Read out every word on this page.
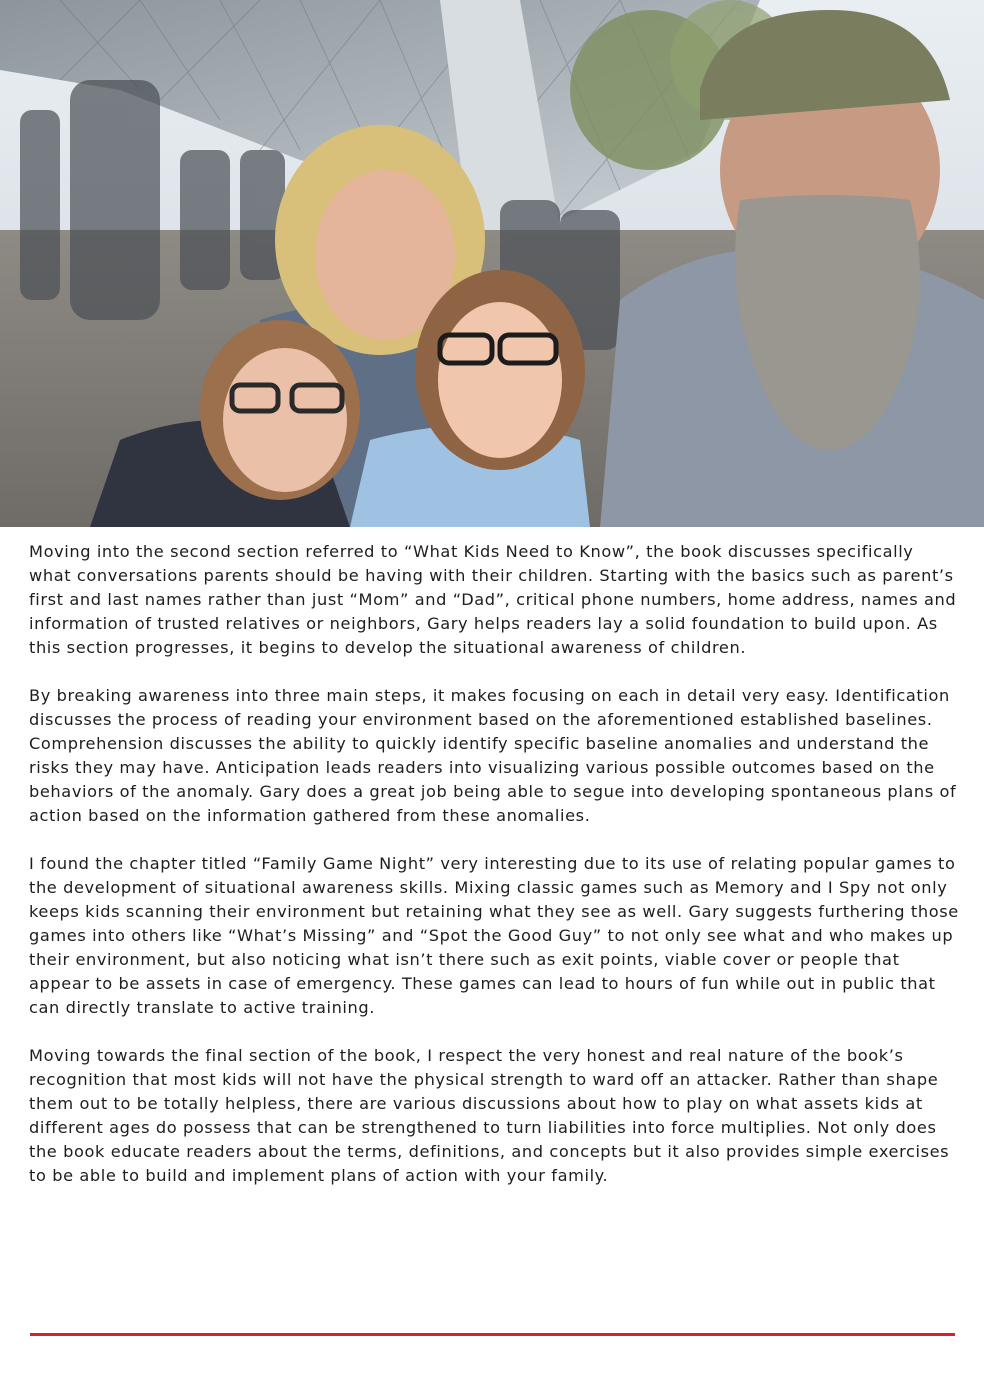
Moving into the second section referred to “What Kids Need to Know”, the book discusses specifically what conversations parents should be having with their children. Starting with the basics such as parent’s first and last names rather than just “Mom” and “Dad”, critical phone numbers, home address, names and information of trusted relatives or neighbors, Gary helps readers lay a solid foundation to build upon. As this section progresses, it begins to develop the situational awareness of children.

By breaking awareness into three main steps, it makes focusing on each in detail very easy. Identification discusses the process of reading your environment based on the aforementioned established baselines. Comprehension discusses the ability to quickly identify specific baseline anomalies and understand the risks they may have. Anticipation leads readers into visualizing various possible outcomes based on the behaviors of the anomaly. Gary does a great job being able to segue into developing spontaneous plans of action based on the information gathered from these anomalies.

I found the chapter titled “Family Game Night” very interesting due to its use of relating popular games to the development of situational awareness skills. Mixing classic games such as Memory and I Spy not only keeps kids scanning their environment but retaining what they see as well. Gary suggests furthering those games into others like “What’s Missing” and “Spot the Good Guy” to not only see what and who makes up their environment, but also noticing what isn’t there such as exit points, viable cover or people that appear to be assets in case of emergency. These games can lead to hours of fun while out in public that can directly translate to active training.

Moving towards the final section of the book, I respect the very honest and real nature of the book’s recognition that most kids will not have the physical strength to ward off an attacker. Rather than shape them out to be totally helpless, there are various discussions about how to play on what assets kids at different ages do possess that can be strengthened to turn liabilities into force multiplies. Not only does the book educate readers about the terms, definitions, and concepts but it also provides simple exercises to be able to build and implement plans of action with your family.
